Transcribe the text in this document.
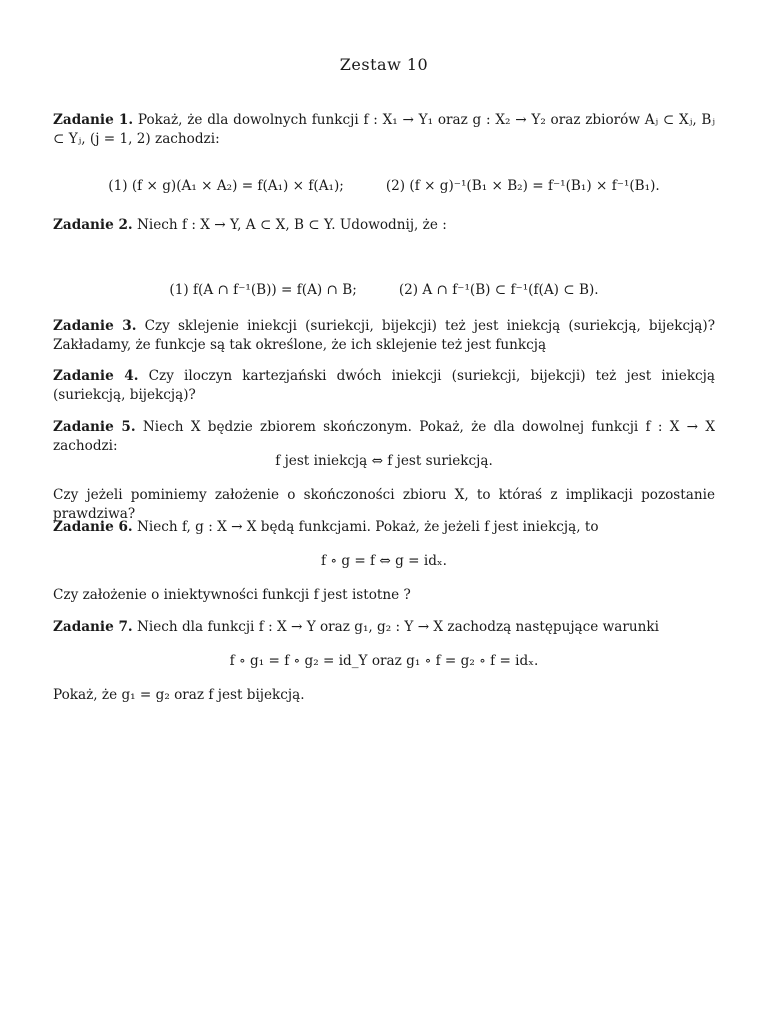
Zestaw 10
Zadanie 1. Pokaż, że dla dowolnych funkcji f : X₁ → Y₁ oraz g : X₂ → Y₂ oraz zbiorów Aⱼ ⊂ Xⱼ, Bⱼ ⊂ Yⱼ, (j = 1, 2) zachodzi:
(1) (f × g)(A₁ × A₂) = f(A₁) × f(A₁);	(2) (f × g)⁻¹(B₁ × B₂) = f⁻¹(B₁) × f⁻¹(B₁).
Zadanie 2. Niech f : X → Y, A ⊂ X, B ⊂ Y. Udowodnij, że :
(1) f(A ∩ f⁻¹(B)) = f(A) ∩ B;	(2) A ∩ f⁻¹(B) ⊂ f⁻¹(f(A) ⊂ B).
Zadanie 3. Czy sklejenie iniekcji (suriekcji, bijekcji) też jest iniekcją (suriekcją, bijekcją)? Zakładamy, że funkcje są tak określone, że ich sklejenie też jest funkcją
Zadanie 4. Czy iloczyn kartezjański dwóch iniekcji (suriekcji, bijekcji) też jest iniekcją (suriekcją, bijekcją)?
Zadanie 5. Niech X będzie zbiorem skończonym. Pokaż, że dla dowolnej funkcji f : X → X zachodzi:
f jest iniekcją ⇔ f jest suriekcją.
Czy jeżeli pominiemy założenie o skończoności zbioru X, to któraś z implikacji pozostanie prawdziwa?
Zadanie 6. Niech f, g : X → X będą funkcjami. Pokaż, że jeżeli f jest iniekcją, to
f ∘ g = f ⇔ g = idₓ.
Czy założenie o iniektywności funkcji f jest istotne ?
Zadanie 7. Niech dla funkcji f : X → Y oraz g₁, g₂ : Y → X zachodzą następujące warunki
f ∘ g₁ = f ∘ g₂ = id_Y oraz g₁ ∘ f = g₂ ∘ f = idₓ.
Pokaż, że g₁ = g₂ oraz f jest bijekcją.
